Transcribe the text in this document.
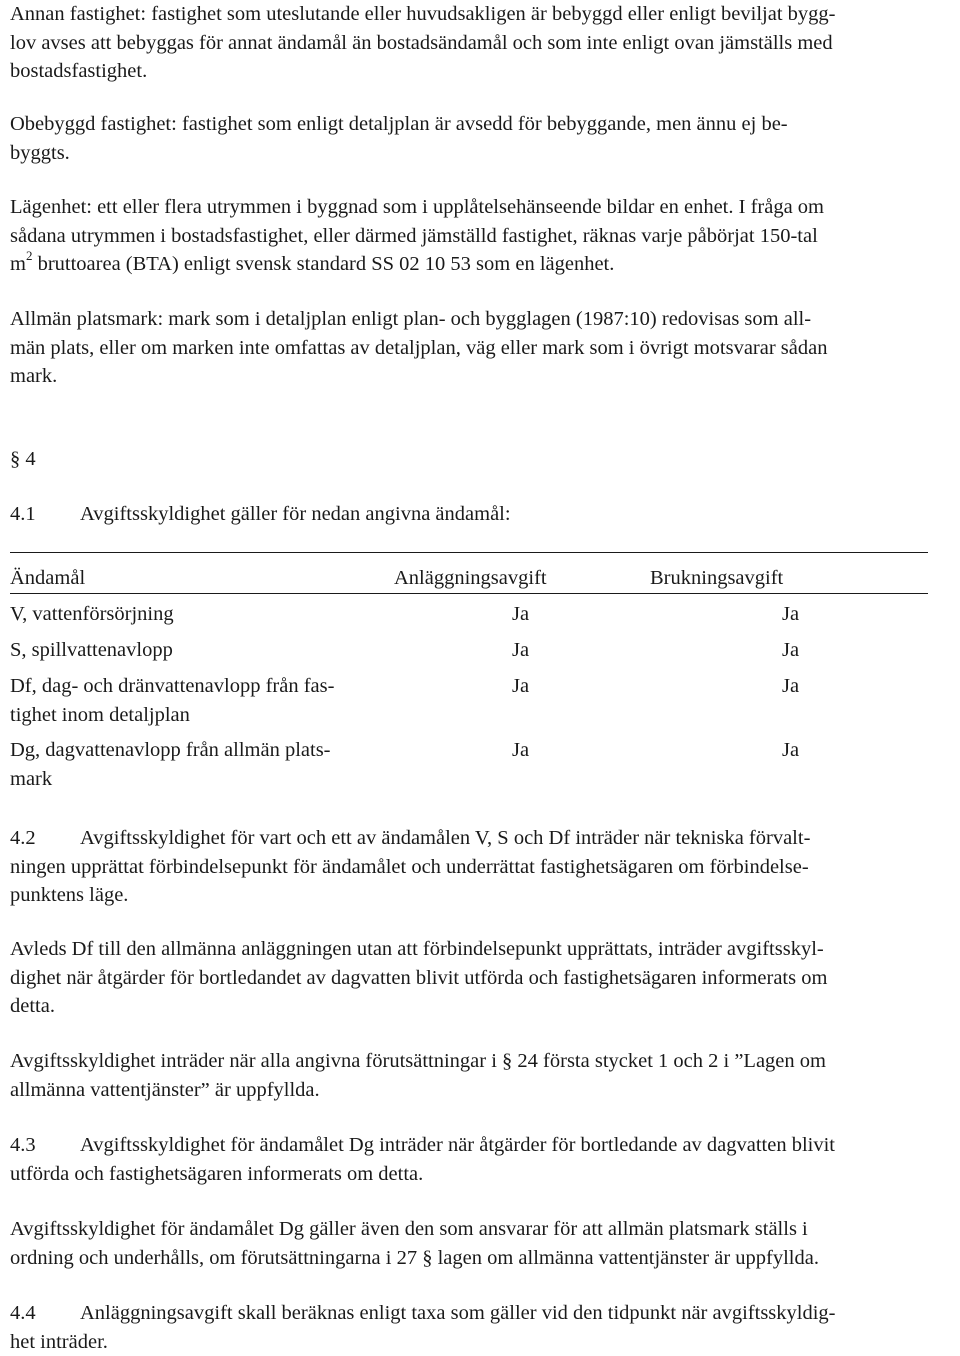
Annan fastighet: fastighet som uteslutande eller huvudsakligen är bebyggd eller enligt beviljat bygg-
lov avses att bebyggas för annat ändamål än bostadsändamål och som inte enligt ovan jämställs med
bostadsfastighet.

Obebyggd fastighet: fastighet som enligt detaljplan är avsedd för bebyggande, men ännu ej be-
byggts.

Lägenhet: ett eller flera utrymmen i byggnad som i upplåtelsehänseende bildar en enhet. I fråga om
sådana utrymmen i bostadsfastighet, eller därmed jämställd fastighet, räknas varje påbörjat 150-tal
$m^2$ bruttoarea (BTA) enligt svensk standard SS 02 10 53 som en lägenhet.

Allmän platsmark: mark som i detaljplan enligt plan- och bygglagen (1987:10) redovisas som all-
män plats, eller om marken inte omfattas av detaljplan, väg eller mark som i övrigt motsvarar sådan
mark.

§ 4

4.1 Avgiftsskyldighet gäller för nedan angivna ändamål:

Ändamål	Anläggningsavgift	Brukningsavgift
V, vattenförsörjning	Ja	Ja
S, spillvattenavlopp	Ja	Ja
Df, dag- och dränvattenavlopp från fas-
tighet inom detaljplan
Ja	Ja
Dg, dagvattenavlopp från allmän plats-
mark
Ja	Ja

4.2 Avgiftsskyldighet för vart och ett av ändamålen V, S och Df inträder när tekniska förvalt-
ningen upprättat förbindelsepunkt för ändamålet och underrättat fastighetsägaren om förbindelse-
punktens läge.

Avleds Df till den allmänna anläggningen utan att förbindelsepunkt upprättats, inträder avgiftsskyl-
dighet när åtgärder för bortledandet av dagvatten blivit utförda och fastighetsägaren informerats om
detta.

Avgiftsskyldighet inträder när alla angivna förutsättningar i § 24 första stycket 1 och 2 i ”Lagen om
allmänna vattentjänster” är uppfyllda.

4.3 Avgiftsskyldighet för ändamålet Dg inträder när åtgärder för bortledande av dagvatten blivit
utförda och fastighetsägaren informerats om detta.

Avgiftsskyldighet för ändamålet Dg gäller även den som ansvarar för att allmän platsmark ställs i
ordning och underhålls, om förutsättningarna i 27 § lagen om allmänna vattentjänster är uppfyllda.

4.4 Anläggningsavgift skall beräknas enligt taxa som gäller vid den tidpunkt när avgiftsskyldig-
het inträder.
